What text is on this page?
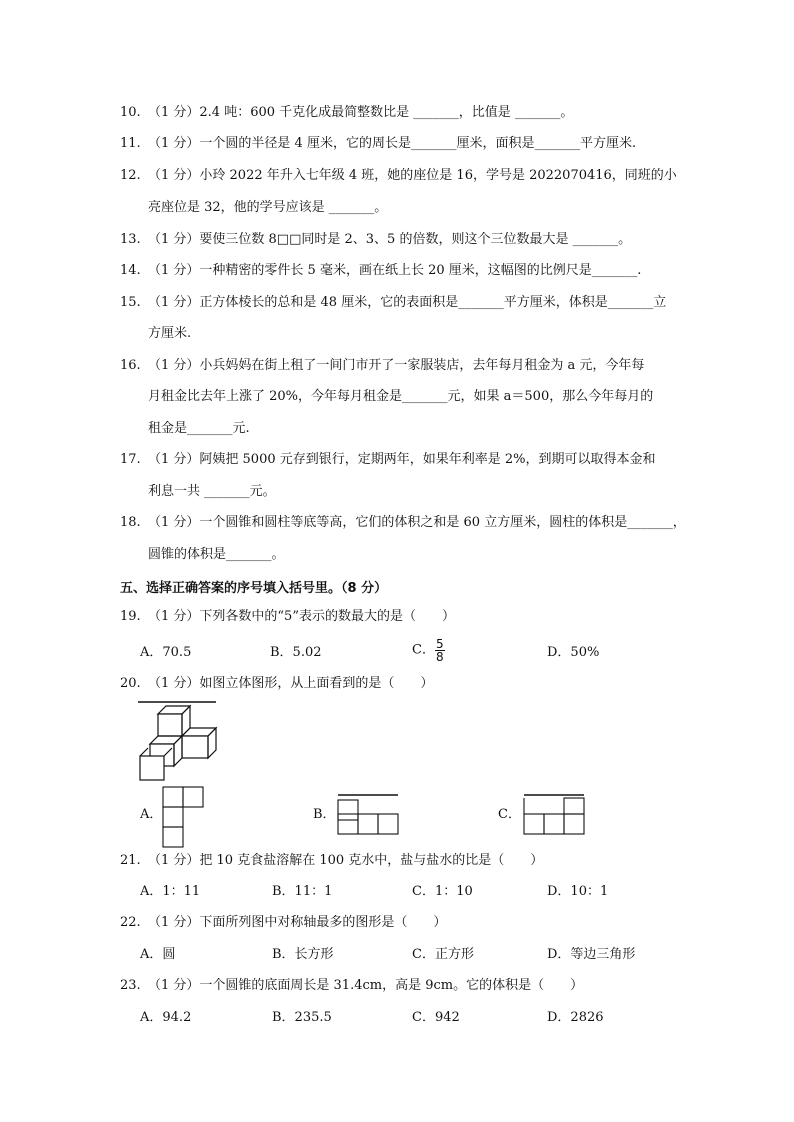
10. （1 分）2.4 吨：600 千克化成最简整数比是 _______，比值是 _______。
11. （1 分）一个圆的半径是 4 厘米，它的周长是_______厘米，面积是_______平方厘米.
12. （1 分）小玲 2022 年升入七年级 4 班，她的座位是 16，学号是 2022070416，同班的小
亮座位是 32，他的学号应该是 _______。
13. （1 分）要使三位数 8□□同时是 2、3、5 的倍数，则这个三位数最大是 _______。
14. （1 分）一种精密的零件长 5 毫米，画在纸上长 20 厘米，这幅图的比例尺是_______.
15. （1 分）正方体棱长的总和是 48 厘米，它的表面积是_______平方厘米，体积是_______立
方厘米.
16. （1 分）小兵妈妈在街上租了一间门市开了一家服装店，去年每月租金为 a 元，今年每
月租金比去年上涨了 20%，今年每月租金是_______元，如果 a＝500，那么今年每月的
租金是_______元.
17. （1 分）阿姨把 5000 元存到银行，定期两年，如果年利率是 2%，到期可以取得本金和
利息一共 _______元。
18. （1 分）一个圆锥和圆柱等底等高，它们的体积之和是 60 立方厘米，圆柱的体积是_______，
圆锥的体积是_______。
五、选择正确答案的序号填入括号里。（8 分）
19. （1 分）下列各数中的“5”表示的数最大的是（　　）
A．70.5	B．5.02	C． $\frac{5}{8}$	D．50%
20. （1 分）如图立体图形，从上面看到的是（　　）
A．	B．	C．
21. （1 分）把 10 克食盐溶解在 100 克水中，盐与盐水的比是（　　）
A．1：11	B．11：1	C．1：10	D．10：1
22. （1 分）下面所列图中对称轴最多的图形是（　　）
A．圆	B．长方形	C．正方形	D．等边三角形
23. （1 分）一个圆锥的底面周长是 31.4cm，高是 9cm。它的体积是（　　）
A．94.2	B．235.5	C．942	D．2826
